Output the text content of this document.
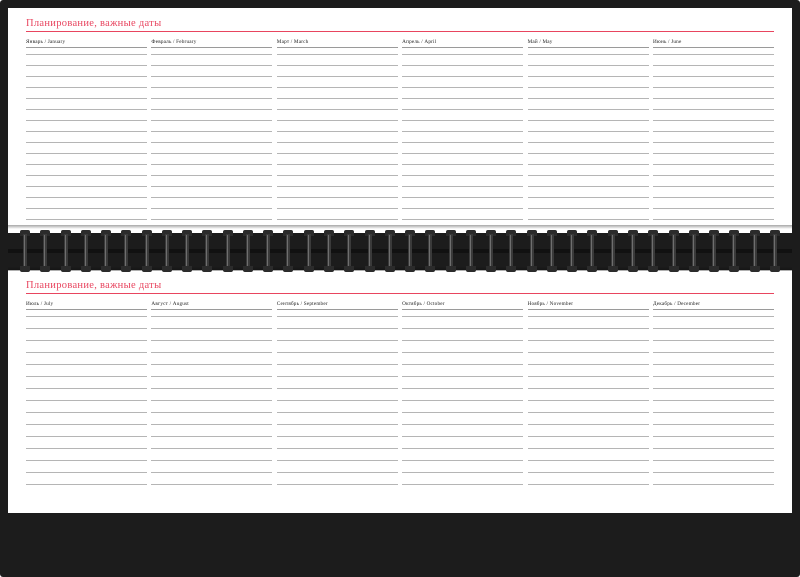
Планирование, важные даты
Январь / January	Февраль / February	Март / March	Апрель / April	Май / May	Июнь / June
Планирование, важные даты
Июль / July	Август / August	Сентябрь / September	Октябрь / October	Ноябрь / November	Декабрь / December
